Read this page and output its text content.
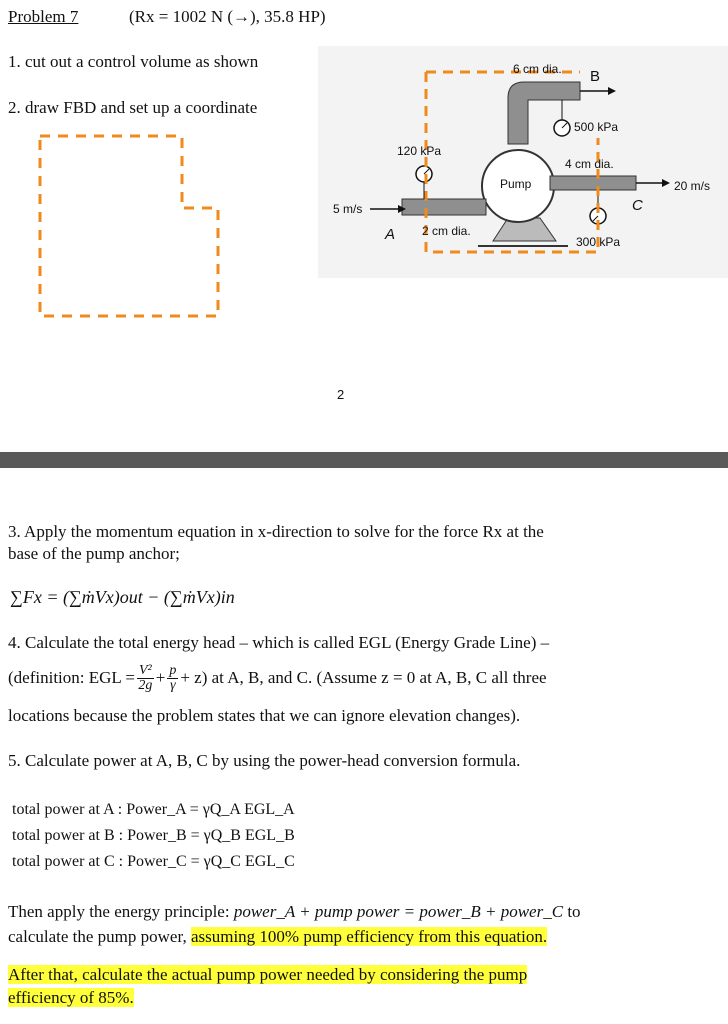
Problem 7	(Rx = 1002 N (→), 35.8 HP)
1. cut out a control volume as shown
2. draw FBD and set up a coordinate
6 cm dia. B
500 kPa
120 kPa
4 cm dia.
Pump	20 m/s
5 m/s	C
A 2 cm dia.
300 kPa
2
3. Apply the momentum equation in x-direction to solve for the force Rx at the
base of the pump anchor;
∑Fx = (∑ṁVx)out − (∑ṁVx)in
4. Calculate the total energy head – which is called EGL (Energy Grade Line) –
(definition: EGL = $\frac{\text{V²}}{2g} + \frac{p}{\gamma} + z$) at A, B, and C. (Assume z = 0 at A, B, C all three
locations because the problem states that we can ignore elevation changes).
5. Calculate power at A, B, C by using the power-head conversion formula.
total power at A : Power_A = γQ_A EGL_A
total power at B : Power_B = γQ_B EGL_B
total power at C : Power_C = γQ_C EGL_C
Then apply the energy principle: power_A + pump power = power_B + power_C to
calculate the pump power, assuming 100% pump efficiency from this equation.
After that, calculate the actual pump power needed by considering the pump
efficiency of 85%.
